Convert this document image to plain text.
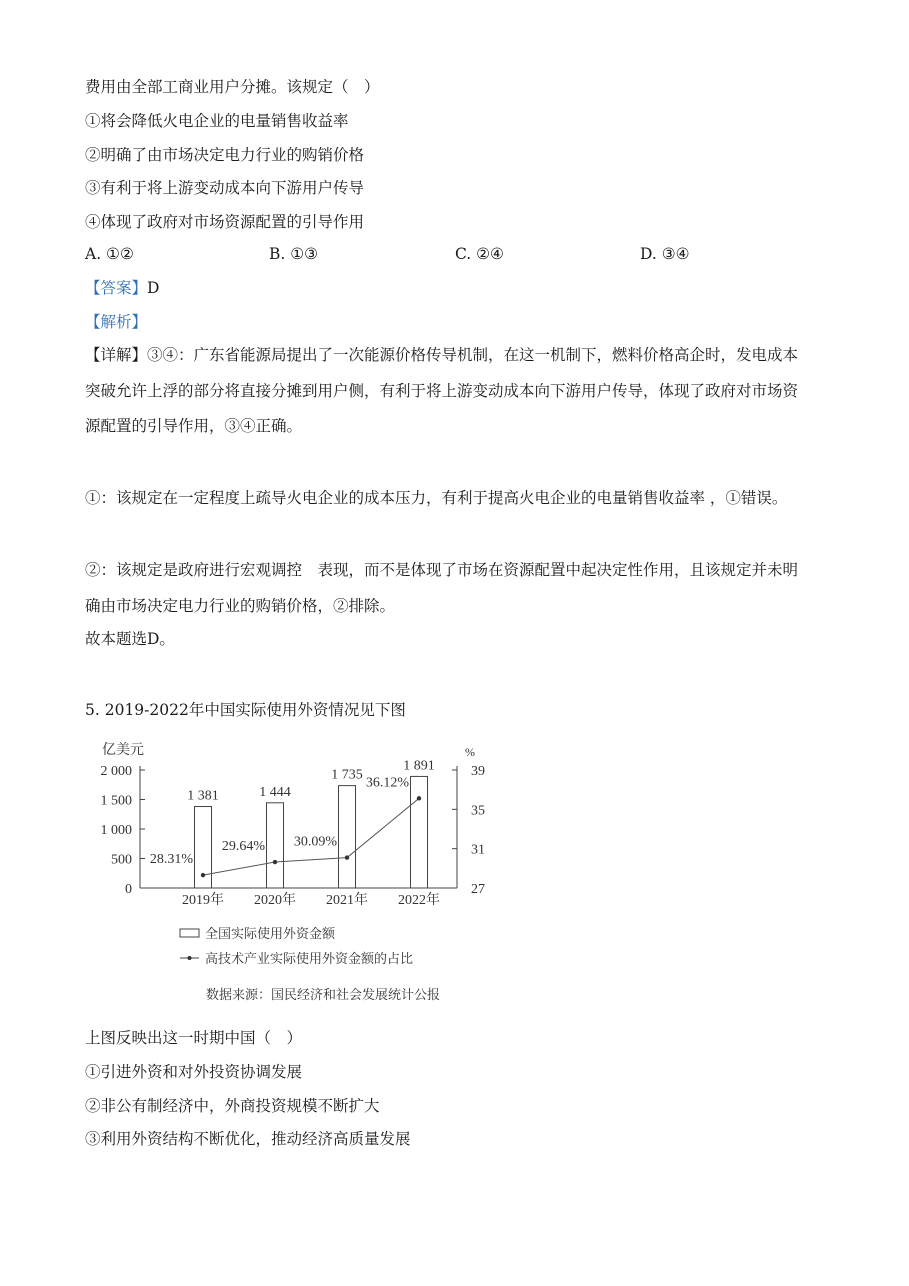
费用由全部工商业用户分摊。该规定（　）
①将会降低火电企业的电量销售收益率
②明确了由市场决定电力行业的购销价格
③有利于将上游变动成本向下游用户传导
④体现了政府对市场资源配置的引导作用
A. ①②	B. ①③	C. ②④	D. ③④
【答案】D
【解析】
【详解】③④：广东省能源局提出了一次能源价格传导机制，在这一机制下，燃料价格高企时，发电成本
突破允许上浮的部分将直接分摊到用户侧，有利于将上游变动成本向下游用户传导，体现了政府对市场资
源配置的引导作用，③④正确。
①：该规定在一定程度上疏导火电企业的成本压力，有利于提高火电企业的电量销售收益率 ，①错误。
②：该规定是政府进行宏观调控　表现，而不是体现了市场在资源配置中起决定性作用，且该规定并未明
确由市场决定电力行业的购销价格，②排除。
故本题选D。
5. 2019-2022年中国实际使用外资情况见下图
亿美元	%
1 381	1 444
1 735
1 891
28.31%
29.64% 30.09%
36.12%
0
500
1 000
1 500
2 000
27
31
35
39
2019年 2020年 2021年 2022年
全国实际使用外资金额
高技术产业实际使用外资金额的占比
数据来源：国民经济和社会发展统计公报
上图反映出这一时期中国（　）
①引进外资和对外投资协调发展
②非公有制经济中，外商投资规模不断扩大
③利用外资结构不断优化，推动经济高质量发展
